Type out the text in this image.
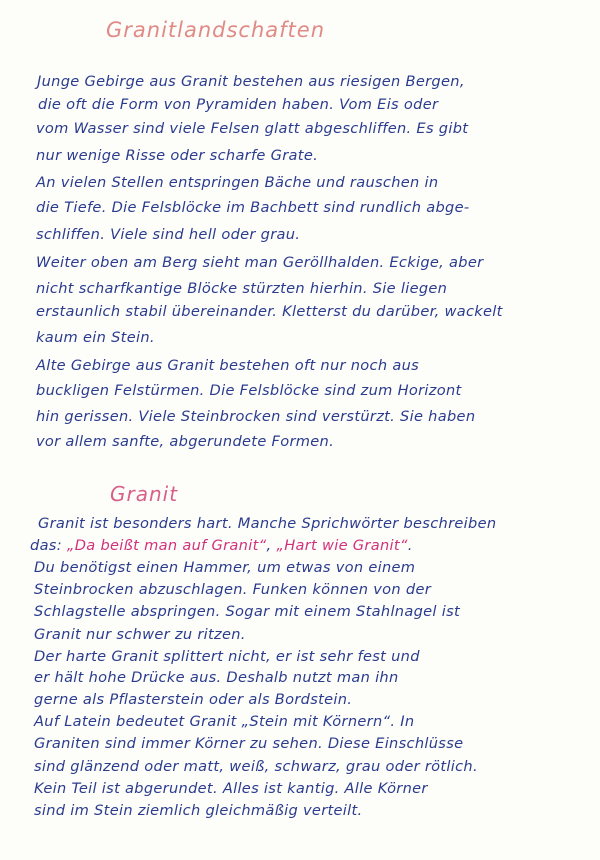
Granitlandschaften
Junge Gebirge aus Granit bestehen aus riesigen Bergen,
die oft die Form von Pyramiden haben. Vom Eis oder
vom Wasser sind viele Felsen glatt abgeschliffen. Es gibt
nur wenige Risse oder scharfe Grate.
An vielen Stellen entspringen Bäche und rauschen in
die Tiefe. Die Felsblöcke im Bachbett sind rundlich abge-
schliffen. Viele sind hell oder grau.
Weiter oben am Berg sieht man Geröllhalden. Eckige, aber
nicht scharfkantige Blöcke stürzten hierhin. Sie liegen
erstaunlich stabil übereinander. Kletterst du darüber, wackelt
kaum ein Stein.
Alte Gebirge aus Granit bestehen oft nur noch aus
buckligen Felstürmen. Die Felsblöcke sind zum Horizont
hin gerissen. Viele Steinbrocken sind verstürzt. Sie haben
vor allem sanfte, abgerundete Formen.
Granit
Granit ist besonders hart. Manche Sprichwörter beschreiben
das: „Da beißt man auf Granit“, „Hart wie Granit“.
Du benötigst einen Hammer, um etwas von einem
Steinbrocken abzuschlagen. Funken können von der
Schlagstelle abspringen. Sogar mit einem Stahlnagel ist
Granit nur schwer zu ritzen.
Der harte Granit splittert nicht, er ist sehr fest und
er hält hohe Drücke aus. Deshalb nutzt man ihn
gerne als Pflasterstein oder als Bordstein.
Auf Latein bedeutet Granit „Stein mit Körnern“. In
Graniten sind immer Körner zu sehen. Diese Einschlüsse
sind glänzend oder matt, weiß, schwarz, grau oder rötlich.
Kein Teil ist abgerundet. Alles ist kantig. Alle Körner
sind im Stein ziemlich gleichmäßig verteilt.
